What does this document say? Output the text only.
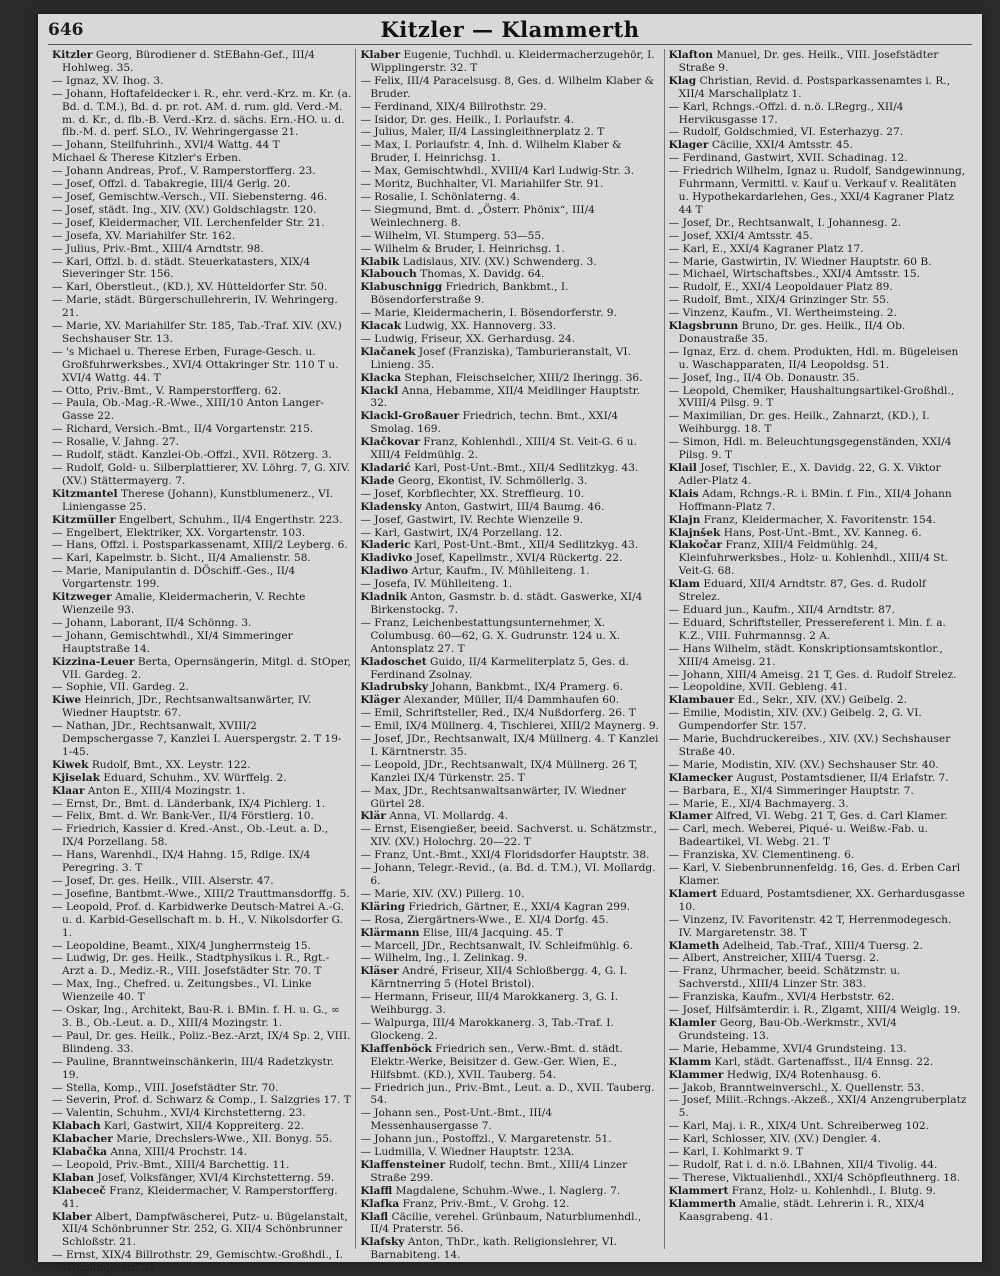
646	Kitzler — Klammerth

Kitzler Georg, Bürodiener d. StEBahn-Gef., III/4 Hohlweg. 35.

— Ignaz, XV. Ihog. 3.

— Johann, Hoftafeldecker i. R., ehr. verd.-Krz. m. Kr. (a. Bd. d. T.M.), Bd. d. pr. rot. AM. d. rum. gld. Verd.-M. m. d. Kr., d. flb.-B. Verd.-Krz. d. sächs. Ern.-HO. u. d. flb.-M. d. perf. SLO., IV. Wehringergasse 21.

— Johann, Steilfuhrinh., XVI/4 Wattg. 44 T

Michael & Therese Kitzler's Erben.

— Johann Andreas, Prof., V. Ramperstorfferg. 23.

— Josef, Offzl. d. Tabakregie, III/4 Gerlg. 20.

— Josef, Gemischtw.-Versch., VII. Siebensterng. 46.

— Josef, städt. Ing., XIV. (XV.) Goldschlagstr. 120.

— Josef, Kleidermacher, VII. Lerchenfelder Str. 21.

— Josefa, XV. Mariahilfer Str. 162.

— Julius, Priv.-Bmt., XIII/4 Arndtstr. 98.

— Karl, Offzl. b. d. städt. Steuerkatasters, XIX/4 Sieveringer Str. 156.

— Karl, Oberstleut., (KD.), XV. Hütteldorfer Str. 50.

— Marie, städt. Bürgerschullehrerin, IV. Wehringerg. 21.

— Marie, XV. Mariahilfer Str. 185, Tab.-Traf. XIV. (XV.) Sechshauser Str. 13.

— 's Michael u. Therese Erben, Furage-Gesch. u. Großfuhrwerksbes., XVI/4 Ottakringer Str. 110 T u. XVI/4 Wattg. 44. T

— Otto, Priv.-Bmt., V. Ramperstorfferg. 62.

— Paula, Ob.-Mag.-R.-Wwe., XIII/10 Anton Langer-Gasse 22.

— Richard, Versich.-Bmt., II/4 Vorgartenstr. 215.

— Rosalie, V. Jahng. 27.

— Rudolf, städt. Kanzlei-Ob.-Offzl., XVII. Rötzerg. 3.

— Rudolf, Gold- u. Silberplattierer, XV. Löhrg. 7, G. XIV. (XV.) Stättermayerg. 7.

Kitzmantel Therese (Johann), Kunstblumenerz., VI. Liniengasse 25.

Kitzmüller Engelbert, Schuhm., II/4 Engerthstr. 223.

— Engelbert, Elektriker, XX. Vorgartenstr. 103.

— Hans, Offzl. i. Postsparkassenamt, XIII/2 Leyberg. 6.

— Karl, Kapelmstr. b. Sicht., II/4 Amalienstr. 58.

— Marie, Manipulantin d. DÖschiff.-Ges., II/4 Vorgartenstr. 199.

Kitzweger Amalie, Kleidermacherin, V. Rechte Wienzeile 93.

— Johann, Laborant, II/4 Schönng. 3.

— Johann, Gemischtwhdl., XI/4 Simmeringer Hauptstraße 14.

Kizzina-Leuer Berta, Opernsängerin, Mitgl. d. StOper, VII. Gardeg. 2.

— Sophie, VII. Gardeg. 2.

Kiwe Heinrich, JDr., Rechtsanwaltsanwärter, IV. Wiedner Hauptstr. 67.

— Nathan, JDr., Rechtsanwalt, XVIII/2 Dempschergasse 7, Kanzlei I. Auerspergstr. 2. T 19-1-45.

Kiwek Rudolf, Bmt., XX. Leystr. 122.

Kjiselak Eduard, Schuhm., XV. Würffelg. 2.

Klaar Anton E., XIII/4 Mozingstr. 1.

— Ernst, Dr., Bmt. d. Länderbank, IX/4 Pichlerg. 1.

— Felix, Bmt. d. Wr. Bank-Ver., II/4 Förstlerg. 10.

— Friedrich, Kassier d. Kred.-Anst., Ob.-Leut. a. D., IX/4 Porzellang. 58.

— Hans, Warenhdl., IX/4 Hahng. 15, Rdlge. IX/4 Peregring. 3. T

— Josef, Dr. ges. Heilk., VIII. Alserstr. 47.

— Josefine, Bantbmt.-Wwe., XIII/2 Trauttmansdorffg. 5.

— Leopold, Prof. d. Karbidwerke Deutsch-Matrei A.-G. u. d. Karbid-Gesellschaft m. b. H., V. Nikolsdorfer G. 1.

— Leopoldine, Beamt., XIX/4 Jungherrnsteig 15.

— Ludwig, Dr. ges. Heilk., Stadtphysikus i. R., Rgt.-Arzt a. D., Mediz.-R., VIII. Josefstädter Str. 70. T

— Max, Ing., Chefred. u. Zeitungsbes., VI. Linke Wienzeile 40. T

— Oskar, Ing., Architekt, Bau-R. i. BMin. f. H. u. G., ∞ 3. B., Ob.-Leut. a. D., XIII/4 Mozingstr. 1.

— Paul, Dr. ges. Heilk., Poliz.-Bez.-Arzt, IX/4 Sp. 2, VIII. Blindeng. 33.

— Pauline, Branntweinschänkerin, III/4 Radetzkystr. 19.

— Stella, Komp., VIII. Josefstädter Str. 70.

— Severin, Prof. d. Schwarz & Comp., I. Salzgries 17. T

— Valentin, Schuhm., XVI/4 Kirchstetterng. 23.

Klabach Karl, Gastwirt, XII/4 Koppreiterg. 22.

Klabacher Marie, Drechslers-Wwe., XII. Bonyg. 55.

Klabačka Anna, XIII/4 Prochstr. 14.

— Leopold, Priv.-Bmt., XIII/4 Barchettig. 11.

Klaban Josef, Volksfänger, XVI/4 Kirchstetterng. 59.

Klabeceč Franz, Kleidermacher, V. Ramperstorfferg. 41.

Klaber Albert, Dampfwäscherei, Putz- u. Bügelanstalt, XII/4 Schönbrunner Str. 252, G. XII/4 Schönbrunner Schloßstr. 21.

— Ernst, XIX/4 Billrothstr. 29, Gemischtw.-Großhdl., I. Wipplingerstr. 32.

Klaber Eugenie, Tuchhdl. u. Kleidermacherzugehör, I. Wipplingerstr. 32. T

— Felix, III/4 Paracelsusg. 8, Ges. d. Wilhelm Klaber & Bruder.

— Ferdinand, XIX/4 Billrothstr. 29.

— Isidor, Dr. ges. Heilk., I. Porlaufstr. 4.

— Julius, Maler, II/4 Lassingleithnerplatz 2. T

— Max, I. Porlaufstr. 4, Inh. d. Wilhelm Klaber & Bruder, I. Heinrichsg. 1.

— Max, Gemischtwhdl., XVIII/4 Karl Ludwig-Str. 3.

— Moritz, Buchhalter, VI. Mariahilfer Str. 91.

— Rosalie, I. Schönlaterng. 4.

— Siegmund, Bmt. d. „Österr. Phönix“, III/4 Weinlechnerg. 8.

— Wilhelm, VI. Stumperg. 53—55.

— Wilhelm & Bruder, I. Heinrichsg. 1.

Klabik Ladislaus, XIV. (XV.) Schwenderg. 3.

Klabouch Thomas, X. Davidg. 64.

Klabuschnigg Friedrich, Bankbmt., I. Bösendorferstraße 9.

— Marie, Kleidermacherin, I. Bösendorferstr. 9.

Klacak Ludwig, XX. Hannoverg. 33.

— Ludwig, Friseur, XX. Gerhardusg. 24.

Klačanek Josef (Franziska), Tamburieranstalt, VI. Linieng. 35.

Klacka Stephan, Fleischselcher, XIII/2 Iheringg. 36.

Klackl Anna, Hebamme, XII/4 Meidlinger Hauptstr. 32.

Klackl-Großauer Friedrich, techn. Bmt., XXI/4 Smolag. 169.

Klačkovar Franz, Kohlenhdl., XIII/4 St. Veit-G. 6 u. XIII/4 Feldmühlg. 2.

Kladarić Karl, Post-Unt.-Bmt., XII/4 Sedlitzkyg. 43.

Klade Georg, Ekontist, IV. Schmöllerlg. 3.

— Josef, Korbflechter, XX. Streffleurg. 10.

Kladensky Anton, Gastwirt, III/4 Baumg. 46.

— Josef, Gastwirt, IV. Rechte Wienzeile 9.

— Karl, Gastwirt, IX/4 Porzellang. 12.

Kladeric Karl, Post-Unt.-Bmt., XII/4 Sedlitzkyg. 43.

Kladivko Josef, Kapellmstr., XVI/4 Rückertg. 22.

Kladiwo Artur, Kaufm., IV. Mühlleiteng. 1.

— Josefa, IV. Mühlleiteng. 1.

Kladnik Anton, Gasmstr. b. d. städt. Gaswerke, XI/4 Birkenstockg. 7.

— Franz, Leichenbestattungsunternehmer, X. Columbusg. 60—62, G. X. Gudrunstr. 124 u. X. Antonsplatz 27. T

Kladoschet Guido, II/4 Karmeliterplatz 5, Ges. d. Ferdinand Zsolnay.

Kladrubsky Johann, Bankbmt., IX/4 Pramerg. 6.

Kläger Alexander, Müller, II/4 Dammhaufen 60.

— Emil, Schriftsteller, Red., IX/4 Nußdorferg. 26. T

— Emil, IX/4 Müllnerg. 4, Tischlerei, XIII/2 Maynerg. 9.

— Josef, JDr., Rechtsanwalt, IX/4 Müllnerg. 4. T Kanzlei I. Kärntnerstr. 35.

— Leopold, JDr., Rechtsanwalt, IX/4 Müllnerg. 26 T, Kanzlei IX/4 Türkenstr. 25. T

— Max, JDr., Rechtsanwaltsanwärter, IV. Wiedner Gürtel 28.

Klär Anna, VI. Mollardg. 4.

— Ernst, Eisengießer, beeid. Sachverst. u. Schätzmstr., XIV. (XV.) Holochrg. 20—22. T

— Franz, Unt.-Bmt., XXI/4 Floridsdorfer Hauptstr. 38.

— Johann, Telegr.-Revid., (a. Bd. d. T.M.), VI. Mollardg. 6.

— Marie, XIV. (XV.) Pillerg. 10.

Kläring Friedrich, Gärtner, E., XXI/4 Kagran 299.

— Rosa, Ziergärtners-Wwe., E. XI/4 Dorfg. 45.

Klärmann Elise, III/4 Jacquing. 45. T

— Marcell, JDr., Rechtsanwalt, IV. Schleifmühlg. 6.

— Wilhelm, Ing., I. Zelinkag. 9.

Kläser André, Friseur, XII/4 Schloßbergg. 4, G. I. Kärntnerring 5 (Hotel Bristol).

— Hermann, Friseur, III/4 Marokkanerg. 3, G. I. Weihburgg. 3.

— Walpurga, III/4 Marokkanerg. 3, Tab.-Traf. I. Glockeng. 2.

Klaffenböck Friedrich sen., Verw.-Bmt. d. städt. Elektr.-Werke, Beisitzer d. Gew.-Ger. Wien, E., Hilfsbmt. (KD.), XVII. Tauberg. 54.

— Friedrich jun., Priv.-Bmt., Leut. a. D., XVII. Tauberg. 54.

— Johann sen., Post-Unt.-Bmt., III/4 Messenhausergasse 7.

— Johann jun., Postoffzl., V. Margaretenstr. 51.

— Ludmilla, V. Wiedner Hauptstr. 123A.

Klaffensteiner Rudolf, techn. Bmt., XIII/4 Linzer Straße 299.

Klaffl Magdalene, Schuhm.-Wwe., I. Naglerg. 7.

Klafka Franz, Priv.-Bmt., V. Grohg. 12.

Klafl Cäcilie, verehel. Grünbaum, Naturblumenhdl., II/4 Praterstr. 56.

Klafsky Anton, ThDr., kath. Religionslehrer, VI. Barnabiteng. 14.

Klafton Manuel, Dr. ges. Heilk., VIII. Josefstädter Straße 9.

Klag Christian, Revid. d. Postsparkassenamtes i. R., XII/4 Marschallplatz 1.

— Karl, Rchngs.-Offzl. d. n.ö. LRegrg., XII/4 Hervikusgasse 17.

— Rudolf, Goldschmied, VI. Esterhazyg. 27.

Klager Cäcilie, XXI/4 Amtsstr. 45.

— Ferdinand, Gastwirt, XVII. Schadinag. 12.

— Friedrich Wilhelm, Ignaz u. Rudolf, Sandgewinnung, Fuhrmann, Vermittl. v. Kauf u. Verkauf v. Realitäten u. Hypothekardarlehen, Ges., XXI/4 Kagraner Platz 44 T

— Josef, Dr., Rechtsanwalt, I. Johannesg. 2.

— Josef, XXI/4 Amtsstr. 45.

— Karl, E., XXI/4 Kagraner Platz 17.

— Marie, Gastwirtin, IV. Wiedner Hauptstr. 60 B.

— Michael, Wirtschaftsbes., XXI/4 Amtsstr. 15.

— Rudolf, E., XXI/4 Leopoldauer Platz 89.

— Rudolf, Bmt., XIX/4 Grinzinger Str. 55.

— Vinzenz, Kaufm., VI. Wertheimsteing. 2.

Klagsbrunn Bruno, Dr. ges. Heilk., II/4 Ob. Donaustraße 35.

— Ignaz, Erz. d. chem. Produkten, Hdl. m. Bügeleisen u. Waschapparaten, II/4 Leopoldsg. 51.

— Josef, Ing., II/4 Ob. Donaustr. 35.

— Leopold, Chemiker, Haushaltungsartikel-Großhdl., XVIII/4 Pilsg. 9. T

— Maximilian, Dr. ges. Heilk., Zahnarzt, (KD.), I. Weihburgg. 18. T

— Simon, Hdl. m. Beleuchtungsgegenständen, XXI/4 Pilsg. 9. T

Klail Josef, Tischler, E., X. Davidg. 22, G. X. Viktor Adler-Platz 4.

Klais Adam, Rchngs.-R. i. BMin. f. Fin., XII/4 Johann Hoffmann-Platz 7.

Klajn Franz, Kleidermacher, X. Favoritenstr. 154.

Klajnšek Hans, Post-Unt.-Bmt., XV. Kanneg. 6.

Klakočar Franz, XIII/4 Feldmühlg. 24, Kleinfuhrwerksbes., Holz- u. Kohlenhdl., XIII/4 St. Veit-G. 68.

Klam Eduard, XII/4 Arndtstr. 87, Ges. d. Rudolf Strelez.

— Eduard jun., Kaufm., XII/4 Arndtstr. 87.

— Eduard, Schriftsteller, Pressereferent i. Min. f. a. K.Z., VIII. Fuhrmannsg. 2 A.

— Hans Wilhelm, städt. Konskriptionsamtskontlor., XIII/4 Ameisg. 21.

— Johann, XIII/4 Ameisg. 21 T, Ges. d. Rudolf Strelez.

— Leopoldine, XVII. Gebleng. 41.

Klambauer Ed., Sekr., XIV. (XV.) Geibelg. 2.

— Emilie, Modistin, XIV. (XV.) Geibelg. 2, G. VI. Gumpendorfer Str. 157.

— Marie, Buchdruckereibes., XIV. (XV.) Sechshauser Straße 40.

— Marie, Modistin, XIV. (XV.) Sechshauser Str. 40.

Klamecker August, Postamtsdiener, II/4 Erlafstr. 7.

— Barbara, E., XI/4 Simmeringer Hauptstr. 7.

— Marie, E., XI/4 Bachmayerg. 3.

Klamer Alfred, VI. Webg. 21 T, Ges. d. Carl Klamer.

— Carl, mech. Weberei, Piqué- u. Weißw.-Fab. u. Badeartikel, VI. Webg. 21. T

— Franziska, XV. Clementineng. 6.

— Karl, V. Siebenbrunnenfeldg. 16, Ges. d. Erben Carl Klamer.

Klamert Eduard, Postamtsdiener, XX. Gerhardusgasse 10.

— Vinzenz, IV. Favoritenstr. 42 T, Herrenmodegesch. IV. Margaretenstr. 38. T

Klameth Adelheid, Tab.-Traf., XIII/4 Tuersg. 2.

— Albert, Anstreicher, XIII/4 Tuersg. 2.

— Franz, Uhrmacher, beeid. Schätzmstr. u. Sachverstd., XIII/4 Linzer Str. 383.

— Franziska, Kaufm., XVI/4 Herbststr. 62.

— Josef, Hilfsämterdir. i. R., Zlgamt, XIII/4 Weiglg. 19.

Klamler Georg, Bau-Ob.-Werkmstr., XVI/4 Grundsteing. 13.

— Marie, Hebamme, XVI/4 Grundsteing. 13.

Klamm Karl, städt. Gartenaffsst., II/4 Ennsg. 22.

Klammer Hedwig, IX/4 Rotenhausg. 6.

— Jakob, Branntweinverschl., X. Quellenstr. 53.

— Josef, Milit.-Rchngs.-Akzeß., XXI/4 Anzengruberplatz 5.

— Karl, Maj. i. R., XIX/4 Unt. Schreiberweg 102.

— Karl, Schlosser, XIV. (XV.) Dengler. 4.

— Karl, I. Kohlmarkt 9. T

— Rudolf, Rat i. d. n.ö. LBahnen, XII/4 Tivolig. 44.

— Therese, Viktualienhdl., XXI/4 Schöpfleuthnerg. 18.

Klammert Franz, Holz- u. Kohlenhdl., I. Blutg. 9.

Klammerth Amalie, städt. Lehrerin i. R., XIX/4 Kaasgrabeng. 41.
